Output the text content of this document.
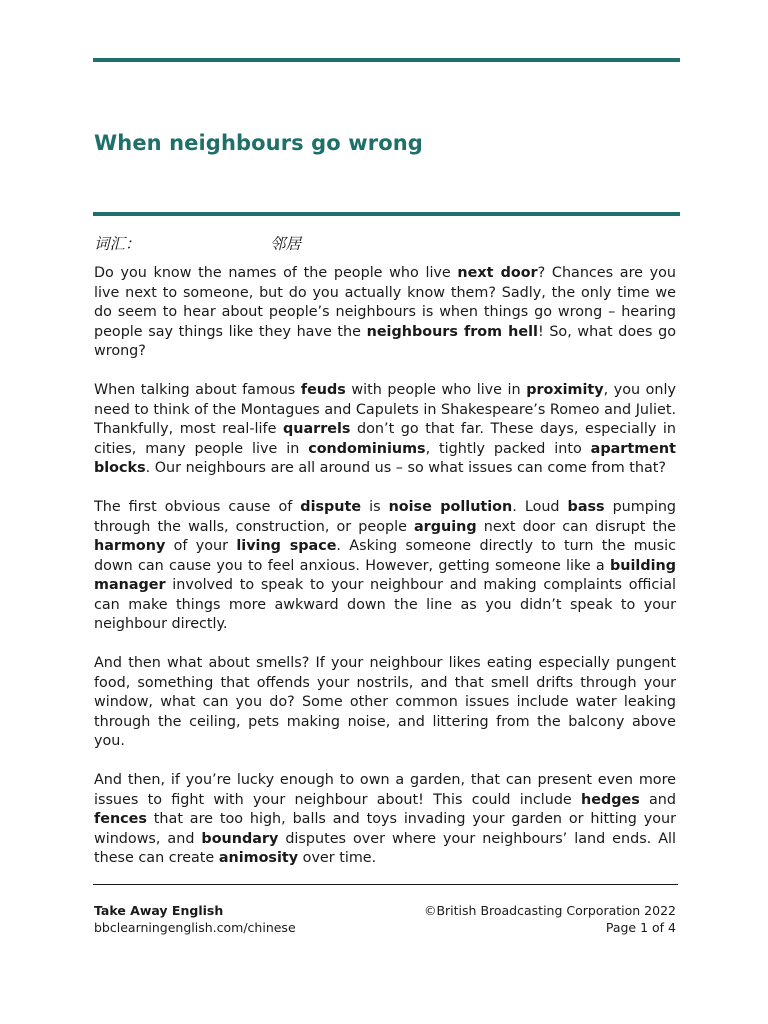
When neighbours go wrong
词汇：	邻居

Do you know the names of the people who live next door? Chances are you live next to someone, but do you actually know them? Sadly, the only time we do seem to hear about people’s neighbours is when things go wrong – hearing people say things like they have the neighbours from hell! So, what does go wrong?

When talking about famous feuds with people who live in proximity, you only need to think of the Montagues and Capulets in Shakespeare’s Romeo and Juliet. Thankfully, most real-life quarrels don’t go that far. These days, especially in cities, many people live in condominiums, tightly packed into apartment blocks. Our neighbours are all around us – so what issues can come from that?

The first obvious cause of dispute is noise pollution. Loud bass pumping through the walls, construction, or people arguing next door can disrupt the harmony of your living space. Asking someone directly to turn the music down can cause you to feel anxious. However, getting someone like a building manager involved to speak to your neighbour and making complaints official can make things more awkward down the line as you didn’t speak to your neighbour directly.

And then what about smells? If your neighbour likes eating especially pungent food, something that offends your nostrils, and that smell drifts through your window, what can you do? Some other common issues include water leaking through the ceiling, pets making noise, and littering from the balcony above you.

And then, if you’re lucky enough to own a garden, that can present even more issues to fight with your neighbour about! This could include hedges and fences that are too high, balls and toys invading your garden or hitting your windows, and boundary disputes over where your neighbours’ land ends. All these can create animosity over time.

Take Away English
bbclearningenglish.com/chinese
©British Broadcasting Corporation 2022
Page 1 of 4
